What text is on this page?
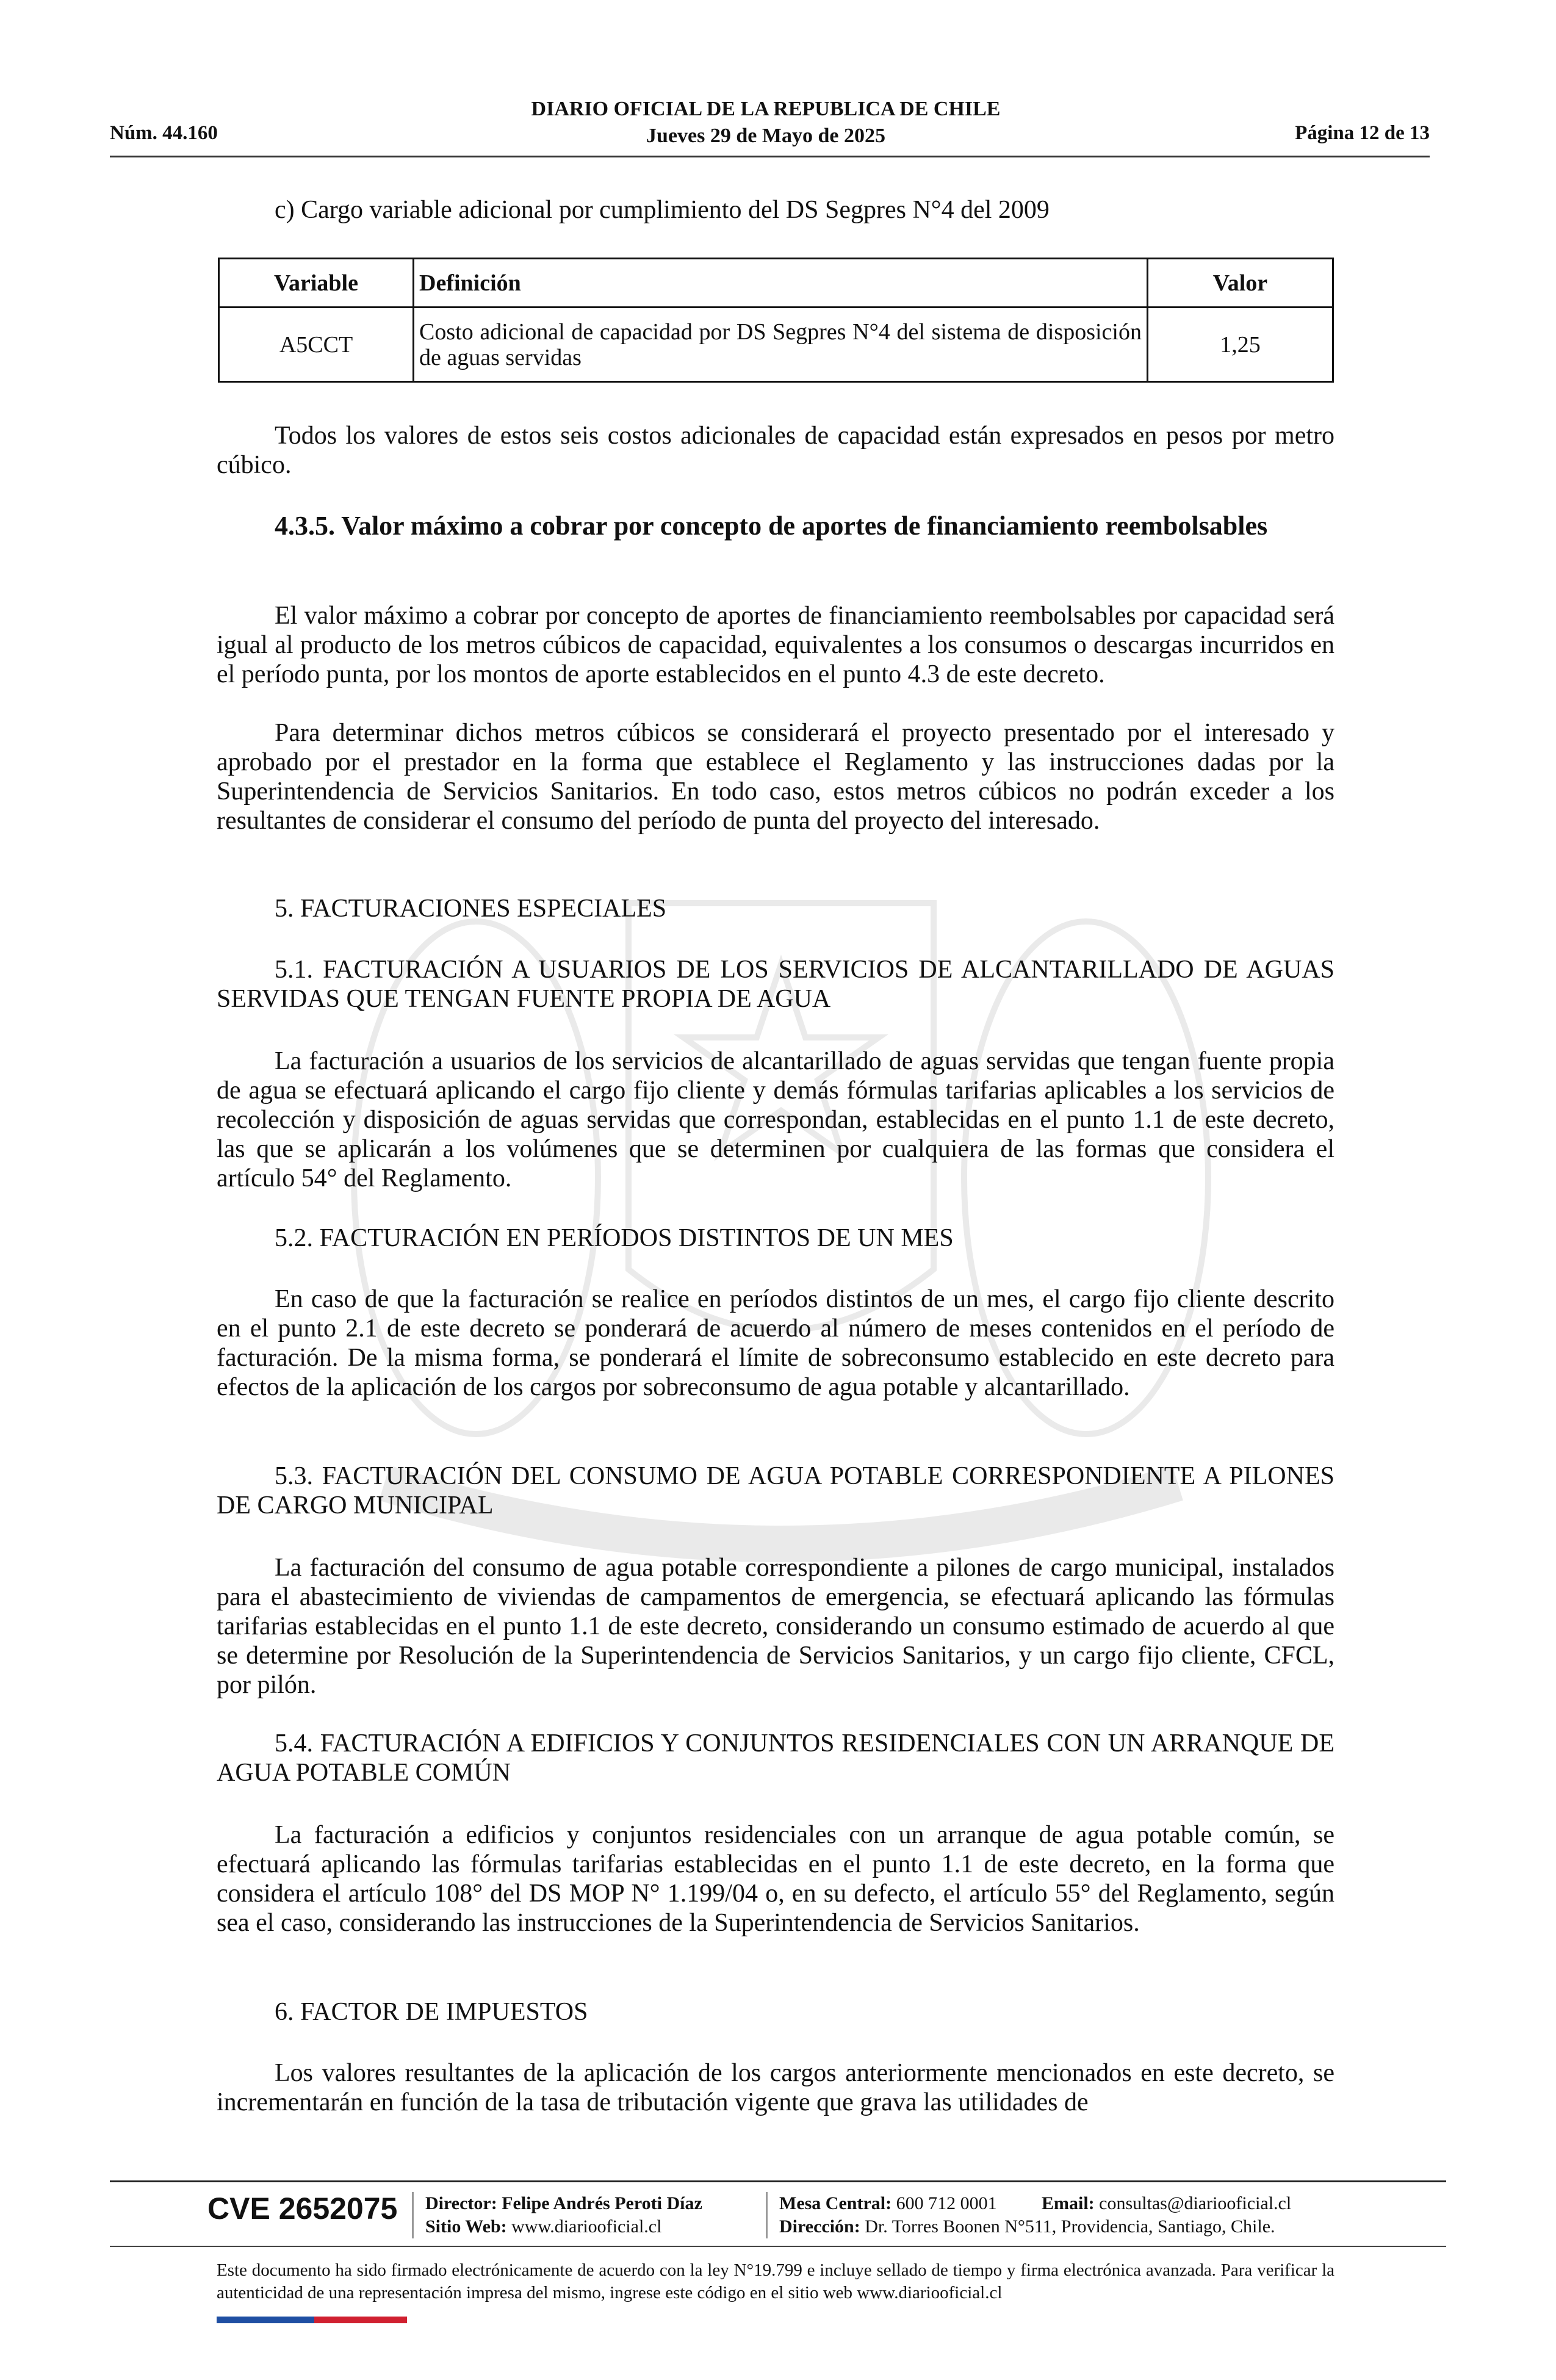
Núm. 44.160
DIARIO OFICIAL DE LA REPUBLICA DE CHILE
Jueves 29 de Mayo de 2025	Página 12 de 13
c) Cargo variable adicional por cumplimiento del DS Segpres N°4 del 2009
Variable	Definición	Valor
A5CCT	Costo adicional de capacidad por DS Segpres N°4 del sistema de disposición de aguas servidas	1,25
Todos los valores de estos seis costos adicionales de capacidad están expresados en pesos por metro cúbico.
4.3.5. Valor máximo a cobrar por concepto de aportes de financiamiento reembolsables
El valor máximo a cobrar por concepto de aportes de financiamiento reembolsables por capacidad será igual al producto de los metros cúbicos de capacidad, equivalentes a los consumos o descargas incurridos en el período punta, por los montos de aporte establecidos en el punto 4.3 de este decreto.
Para determinar dichos metros cúbicos se considerará el proyecto presentado por el interesado y aprobado por el prestador en la forma que establece el Reglamento y las instrucciones dadas por la Superintendencia de Servicios Sanitarios. En todo caso, estos metros cúbicos no podrán exceder a los resultantes de considerar el consumo del período de punta del proyecto del interesado.
5. FACTURACIONES ESPECIALES
5.1. FACTURACIÓN A USUARIOS DE LOS SERVICIOS DE ALCANTARILLADO DE AGUAS SERVIDAS QUE TENGAN FUENTE PROPIA DE AGUA
La facturación a usuarios de los servicios de alcantarillado de aguas servidas que tengan fuente propia de agua se efectuará aplicando el cargo fijo cliente y demás fórmulas tarifarias aplicables a los servicios de recolección y disposición de aguas servidas que correspondan, establecidas en el punto 1.1 de este decreto, las que se aplicarán a los volúmenes que se determinen por cualquiera de las formas que considera el artículo 54° del Reglamento.
5.2. FACTURACIÓN EN PERÍODOS DISTINTOS DE UN MES
En caso de que la facturación se realice en períodos distintos de un mes, el cargo fijo cliente descrito en el punto 2.1 de este decreto se ponderará de acuerdo al número de meses contenidos en el período de facturación. De la misma forma, se ponderará el límite de sobreconsumo establecido en este decreto para efectos de la aplicación de los cargos por sobreconsumo de agua potable y alcantarillado.
5.3. FACTURACIÓN DEL CONSUMO DE AGUA POTABLE CORRESPONDIENTE A PILONES DE CARGO MUNICIPAL
La facturación del consumo de agua potable correspondiente a pilones de cargo municipal, instalados para el abastecimiento de viviendas de campamentos de emergencia, se efectuará aplicando las fórmulas tarifarias establecidas en el punto 1.1 de este decreto, considerando un consumo estimado de acuerdo al que se determine por Resolución de la Superintendencia de Servicios Sanitarios, y un cargo fijo cliente, CFCL, por pilón.
5.4. FACTURACIÓN A EDIFICIOS Y CONJUNTOS RESIDENCIALES CON UN ARRANQUE DE AGUA POTABLE COMÚN
La facturación a edificios y conjuntos residenciales con un arranque de agua potable común, se efectuará aplicando las fórmulas tarifarias establecidas en el punto 1.1 de este decreto, en la forma que considera el artículo 108° del DS MOP N° 1.199/04 o, en su defecto, el artículo 55° del Reglamento, según sea el caso, considerando las instrucciones de la Superintendencia de Servicios Sanitarios.
6. FACTOR DE IMPUESTOS
Los valores resultantes de la aplicación de los cargos anteriormente mencionados en este decreto, se incrementarán en función de la tasa de tributación vigente que grava las utilidades de
CVE 2652075 Director: Felipe Andrés Peroti Díaz
Sitio Web: www.diariooficial.cl
Mesa Central: 600 712 0001 Email: consultas@diariooficial.cl
Dirección: Dr. Torres Boonen N°511, Providencia, Santiago, Chile.
Este documento ha sido firmado electrónicamente de acuerdo con la ley N°19.799 e incluye sellado de tiempo y firma electrónica avanzada. Para verificar la autenticidad de una representación impresa del mismo, ingrese este código en el sitio web www.diariooficial.cl
